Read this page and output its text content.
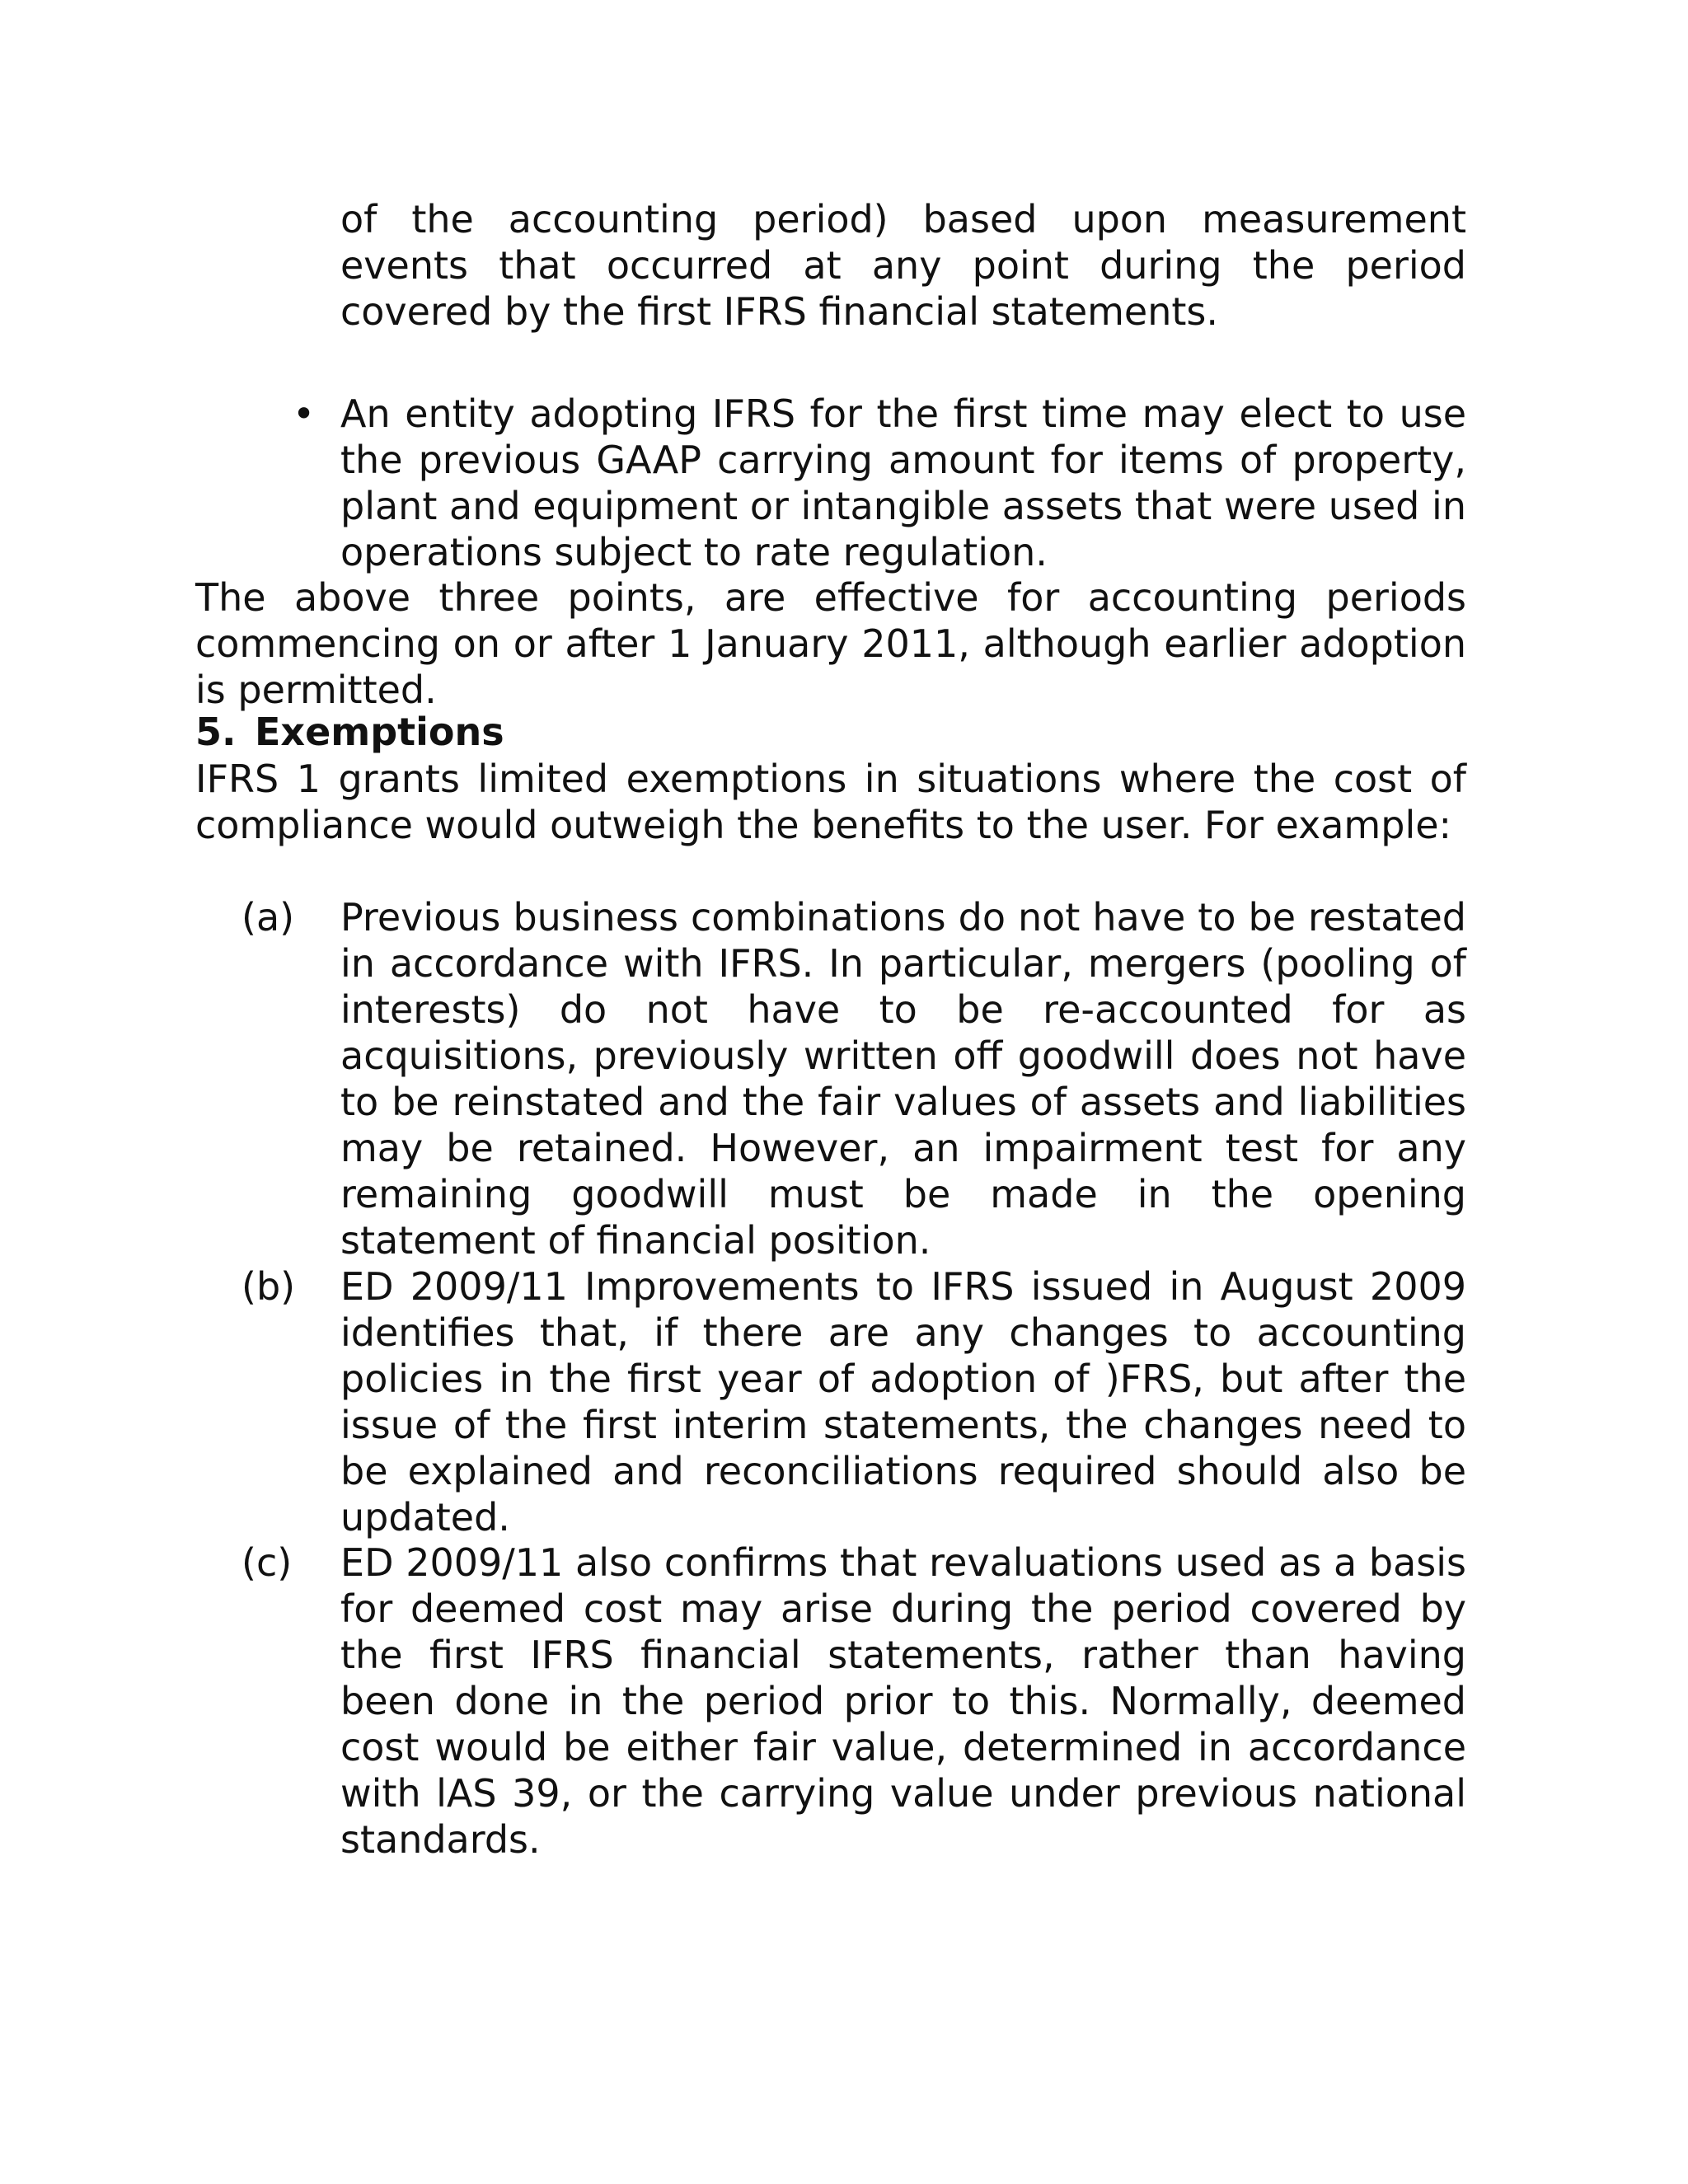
of the accounting period) based upon measurement events that occurred at any point during the period covered by the first IFRS financial statements.

• An entity adopting IFRS for the first time may elect to use the previous GAAP carrying amount for items of property, plant and equipment or intangible assets that were used in operations subject to rate regulation.

The above three points, are effective for accounting periods commencing on or after 1 January 2011, although earlier adoption is permitted.

5. Exemptions

IFRS 1 grants limited exemptions in situations where the cost of compliance would outweigh the benefits to the user. For example:

(a) Previous business combinations do not have to be restated in accordance with IFRS. In particular, mergers (pooling of interests) do not have to be re-accounted for as acquisitions, previously written off goodwill does not have to be reinstated and the fair values of assets and liabilities may be retained. However, an impairment test for any remaining goodwill must be made in the opening statement of financial position.

(b) ED 2009/11 Improvements to IFRS issued in August 2009 identifies that, if there are any changes to accounting policies in the first year of adoption of )FRS, but after the issue of the first interim statements, the changes need to be explained and reconciliations required should also be updated.

(c) ED 2009/11 also confirms that revaluations used as a basis for deemed cost may arise during the period covered by the first IFRS financial statements, rather than having been done in the period prior to this. Normally, deemed cost would be either fair value, determined in accordance with lAS 39, or the carrying value under previous national standards.
